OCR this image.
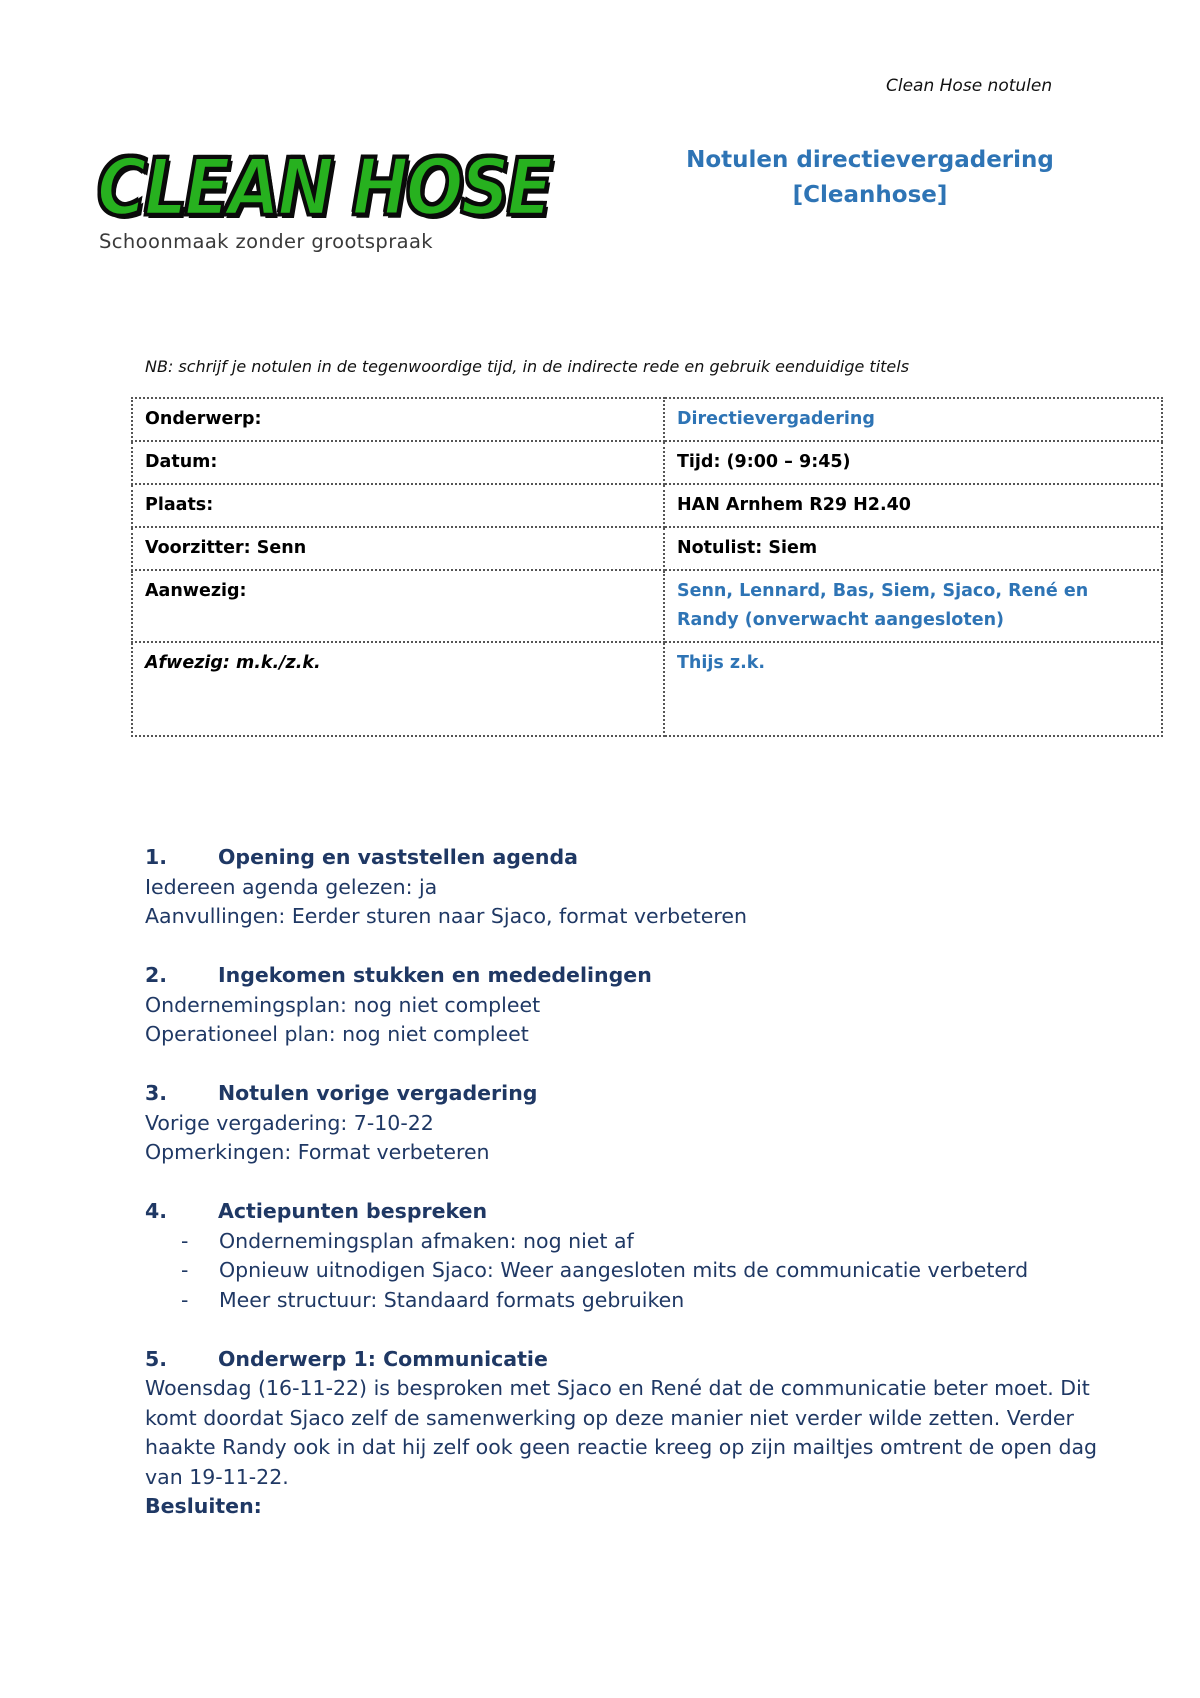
Clean Hose notulen
CLEAN HOSE
Schoonmaak zonder grootspraak
Notulen directievergadering
[Cleanhose]
NB: schrijf je notulen in de tegenwoordige tijd, in de indirecte rede en gebruik eenduidige titels
Onderwerp:	Directievergadering
Datum:	Tijd: (9:00 – 9:45)
Plaats:	HAN Arnhem R29 H2.40
Voorzitter: Senn	Notulist: Siem
Aanwezig:	Senn, Lennard, Bas, Siem, Sjaco, René en Randy (onverwacht aangesloten)
Afwezig: m.k./z.k.	Thijs z.k.
1.	Opening en vaststellen agenda
Iedereen agenda gelezen: ja
Aanvullingen: Eerder sturen naar Sjaco, format verbeteren
2.	Ingekomen stukken en mededelingen
Ondernemingsplan: nog niet compleet
Operationeel plan: nog niet compleet
3.	Notulen vorige vergadering
Vorige vergadering: 7-10-22
Opmerkingen: Format verbeteren
4.	Actiepunten bespreken
-	Ondernemingsplan afmaken: nog niet af
-	Opnieuw uitnodigen Sjaco: Weer aangesloten mits de communicatie verbeterd
-	Meer structuur: Standaard formats gebruiken
5.	Onderwerp 1: Communicatie
Woensdag (16-11-22) is besproken met Sjaco en René dat de communicatie beter moet. Dit
komt doordat Sjaco zelf de samenwerking op deze manier niet verder wilde zetten. Verder
haakte Randy ook in dat hij zelf ook geen reactie kreeg op zijn mailtjes omtrent de open dag
van 19-11-22.
Besluiten:
